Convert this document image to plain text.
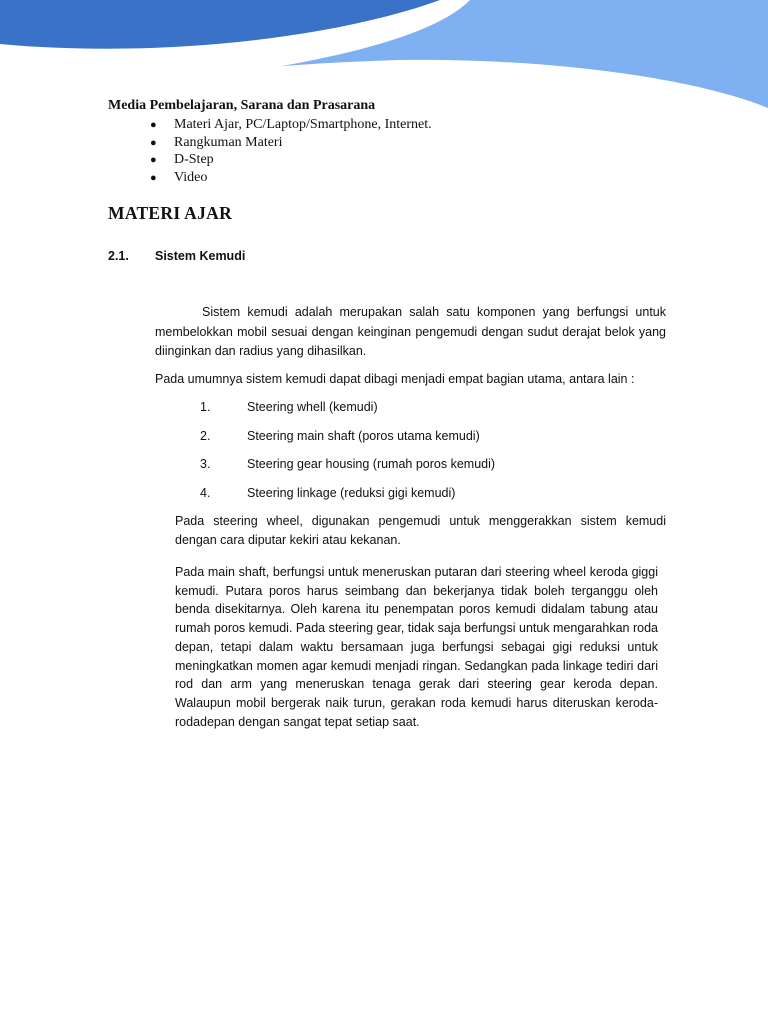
Media Pembelajaran, Sarana dan Prasarana
● Materi Ajar, PC/Laptop/Smartphone, Internet.
● Rangkuman Materi
● D-Step
● Video
MATERI AJAR
2.1. Sistem Kemudi

Sistem kemudi adalah merupakan salah satu komponen yang berfungsi untuk membelokkan mobil sesuai dengan keinginan pengemudi dengan sudut derajat belok yang diinginkan dan radius yang dihasilkan.

Pada umumnya sistem kemudi dapat dibagi menjadi empat bagian utama, antara lain :

1.	Steering whell (kemudi)
2.	Steering main shaft (poros utama kemudi)
3.	Steering gear housing (rumah poros kemudi)
4.	Steering linkage (reduksi gigi kemudi)

Pada steering wheel, digunakan pengemudi untuk menggerakkan sistem kemudi dengan cara diputar kekiri atau kekanan.

Pada main shaft, berfungsi untuk meneruskan putaran dari steering wheel keroda giggi kemudi. Putara poros harus seimbang dan bekerjanya tidak boleh terganggu oleh benda disekitarnya. Oleh karena itu penempatan poros kemudi didalam tabung atau rumah poros kemudi. Pada steering gear, tidak saja berfungsi untuk mengarahkan roda depan, tetapi dalam waktu bersamaan juga berfungsi sebagai gigi reduksi untuk meningkatkan momen agar kemudi menjadi ringan. Sedangkan pada linkage tediri dari rod dan arm yang meneruskan tenaga gerak dari steering gear keroda depan. Walaupun mobil bergerak naik turun, gerakan roda kemudi harus diteruskan keroda-rodadepan dengan sangat tepat setiap saat.
